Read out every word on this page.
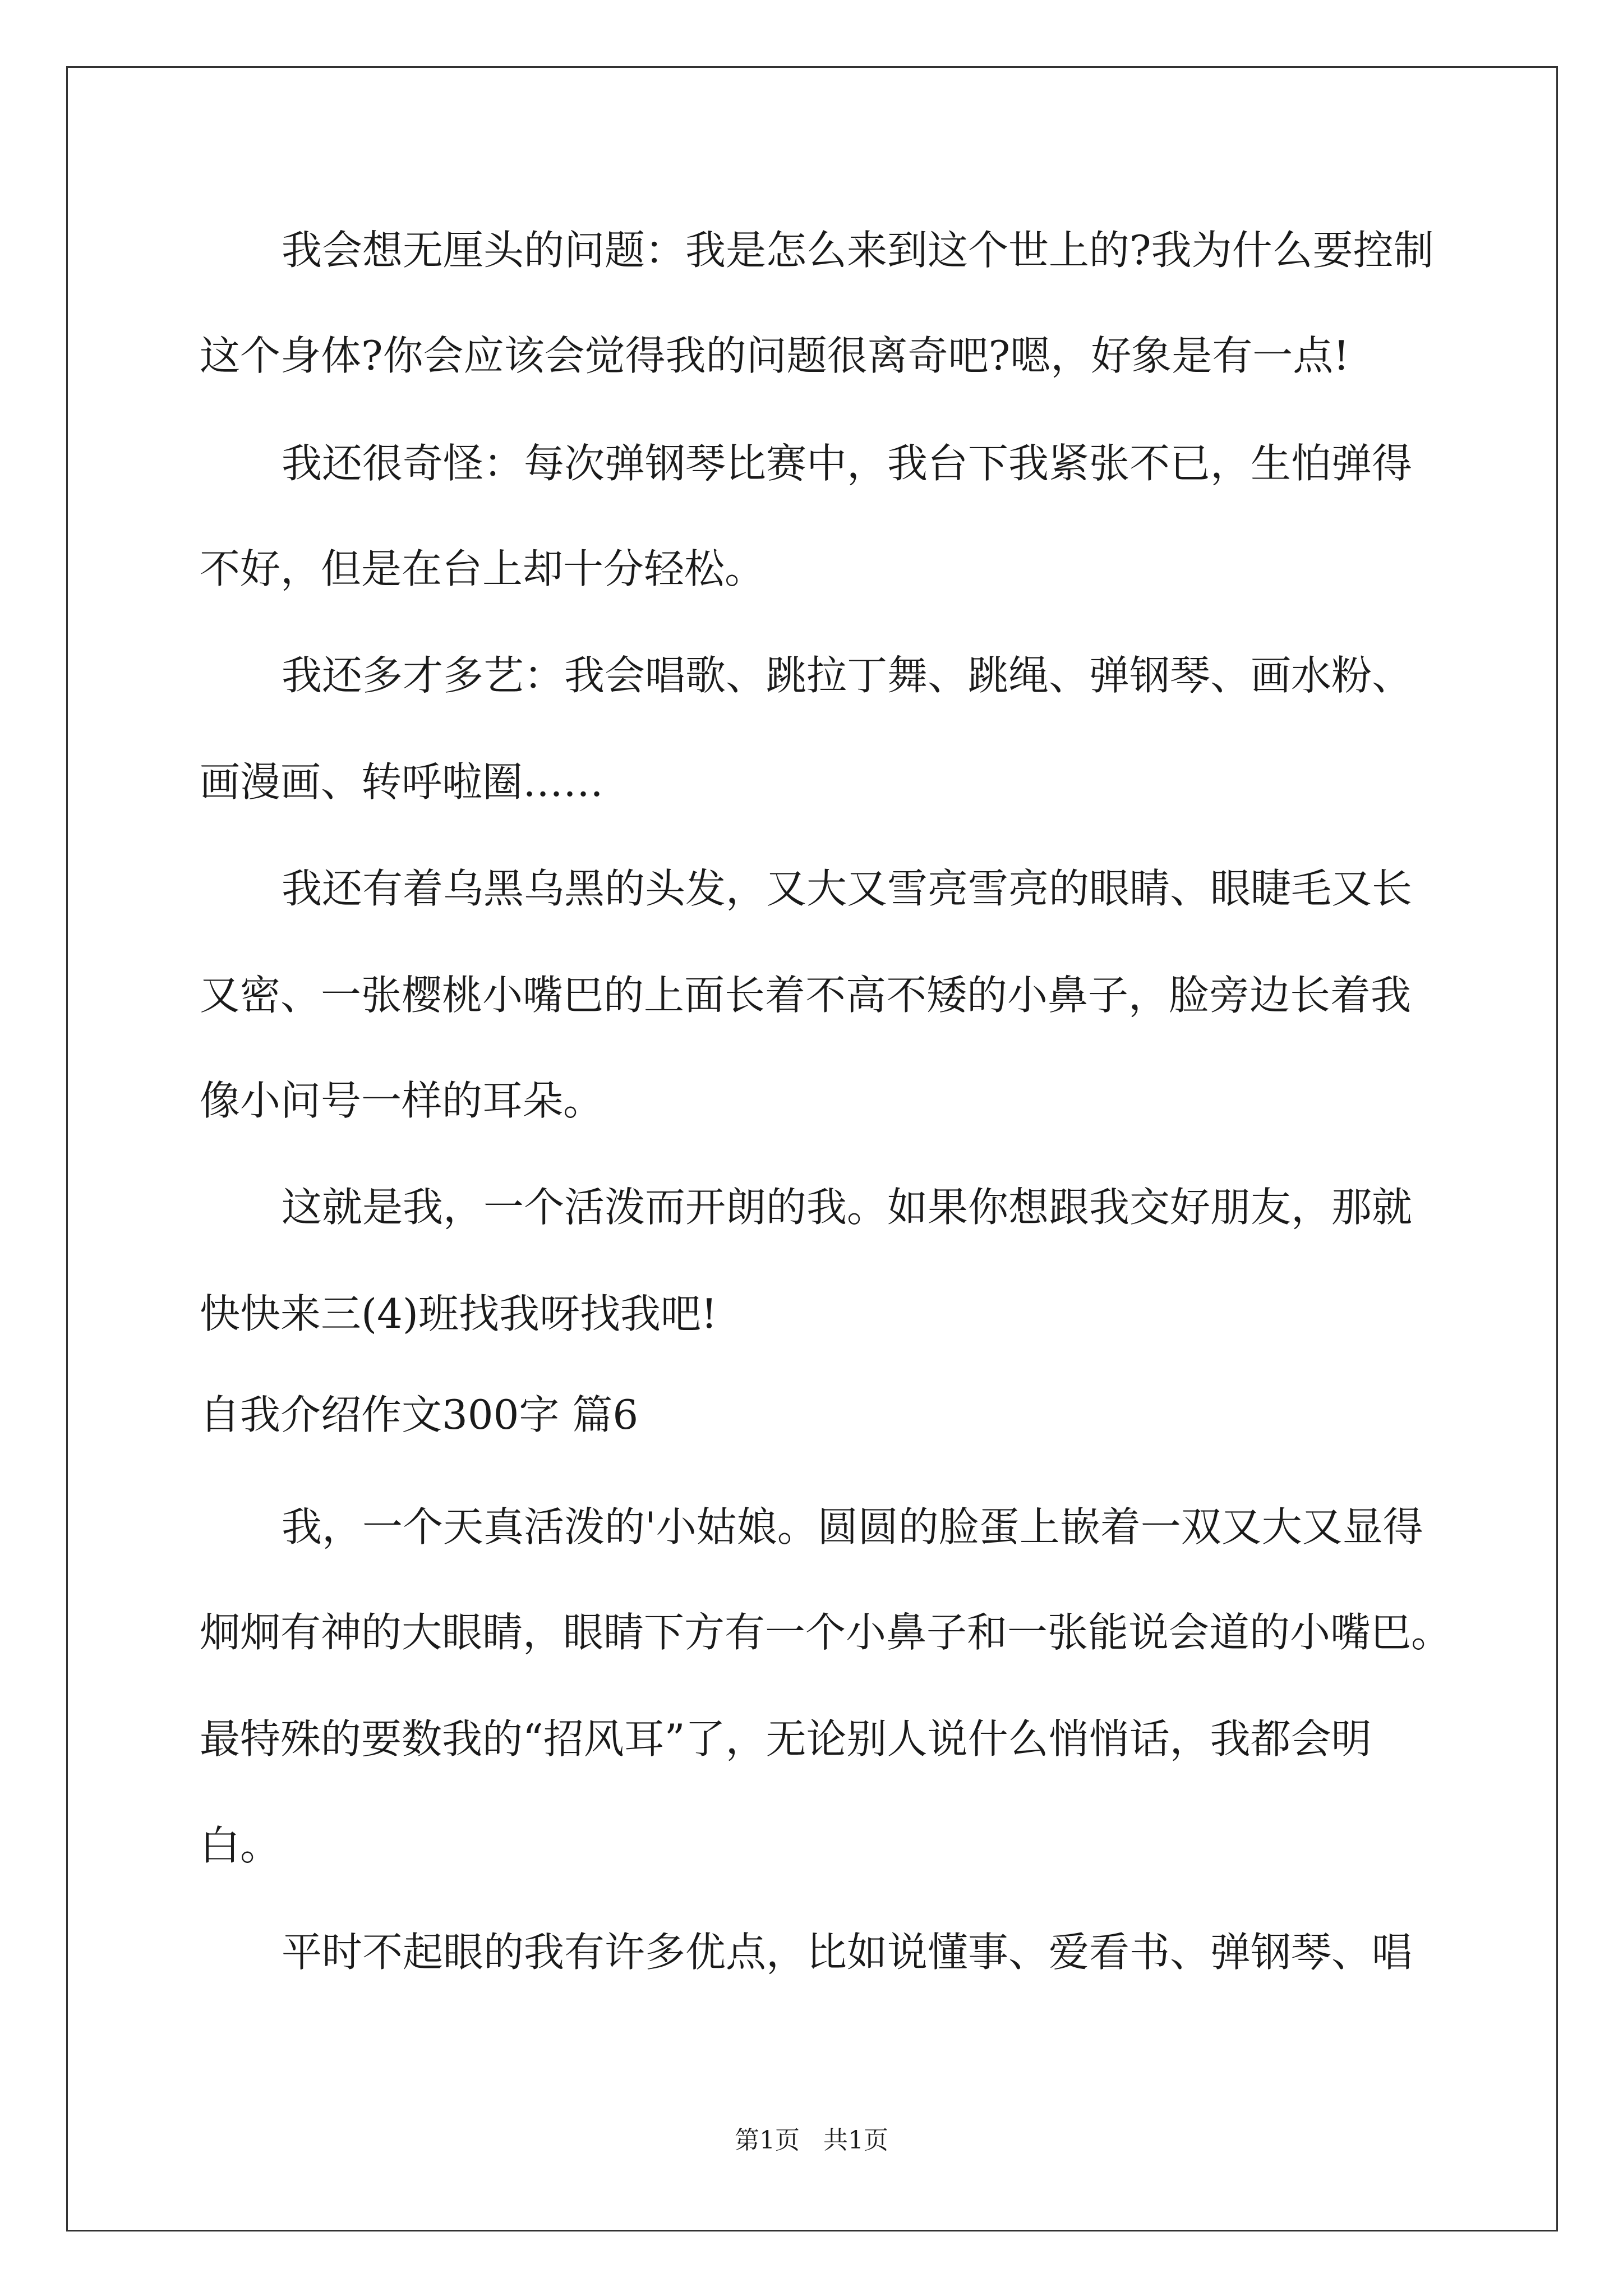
我会想无厘头的问题：我是怎么来到这个世上的?我为什么要控制

这个身体?你会应该会觉得我的问题很离奇吧?嗯，好象是有一点!

我还很奇怪：每次弹钢琴比赛中，我台下我紧张不已，生怕弹得

不好，但是在台上却十分轻松。

我还多才多艺：我会唱歌、跳拉丁舞、跳绳、弹钢琴、画水粉、

画漫画、转呼啦圈……

我还有着乌黑乌黑的头发，又大又雪亮雪亮的眼睛、眼睫毛又长

又密、一张樱桃小嘴巴的上面长着不高不矮的小鼻子，脸旁边长着我

像小问号一样的耳朵。

这就是我，一个活泼而开朗的我。如果你想跟我交好朋友，那就

快快来三(4)班找我呀找我吧!

自我介绍作文300字 篇6

我，一个天真活泼的'小姑娘。圆圆的脸蛋上嵌着一双又大又显得

炯炯有神的大眼睛，眼睛下方有一个小鼻子和一张能说会道的小嘴巴。

最特殊的要数我的“招风耳”了，无论别人说什么悄悄话，我都会明

白。

平时不起眼的我有许多优点，比如说懂事、爱看书、弹钢琴、唱

第1页   共1页
